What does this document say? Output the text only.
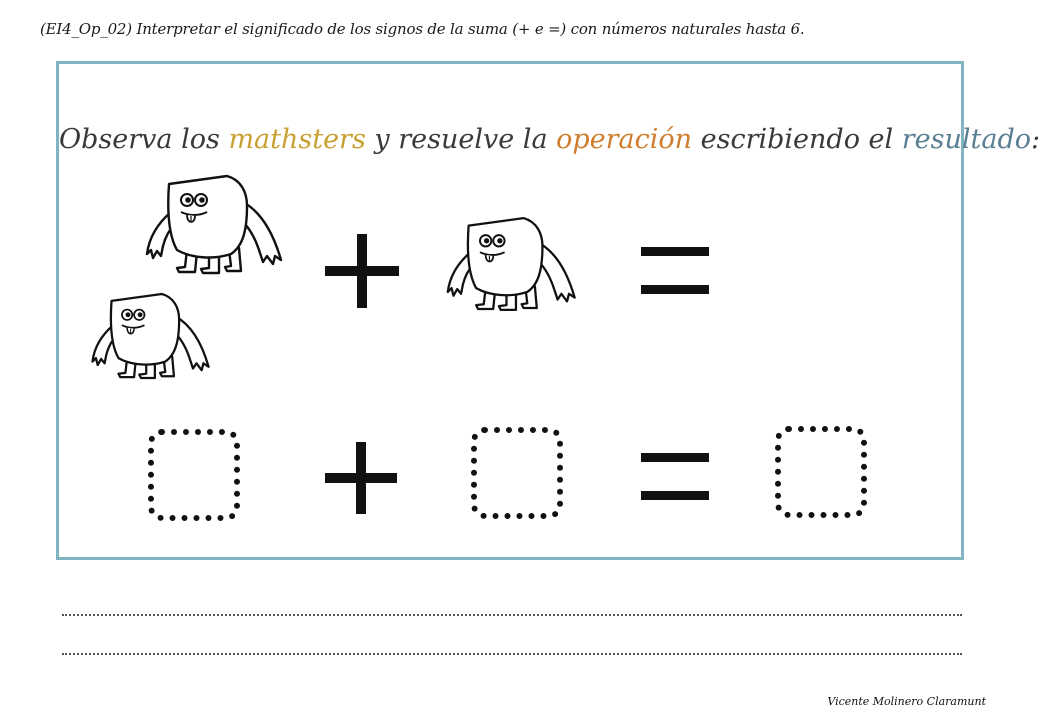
(EI4_Op_02) Interpretar el significado de los signos de la suma (+ e =) con números naturales hasta 6.
Observa los mathsters y resuelve la operación escribiendo el resultado:
Vicente Molinero Claramunt
